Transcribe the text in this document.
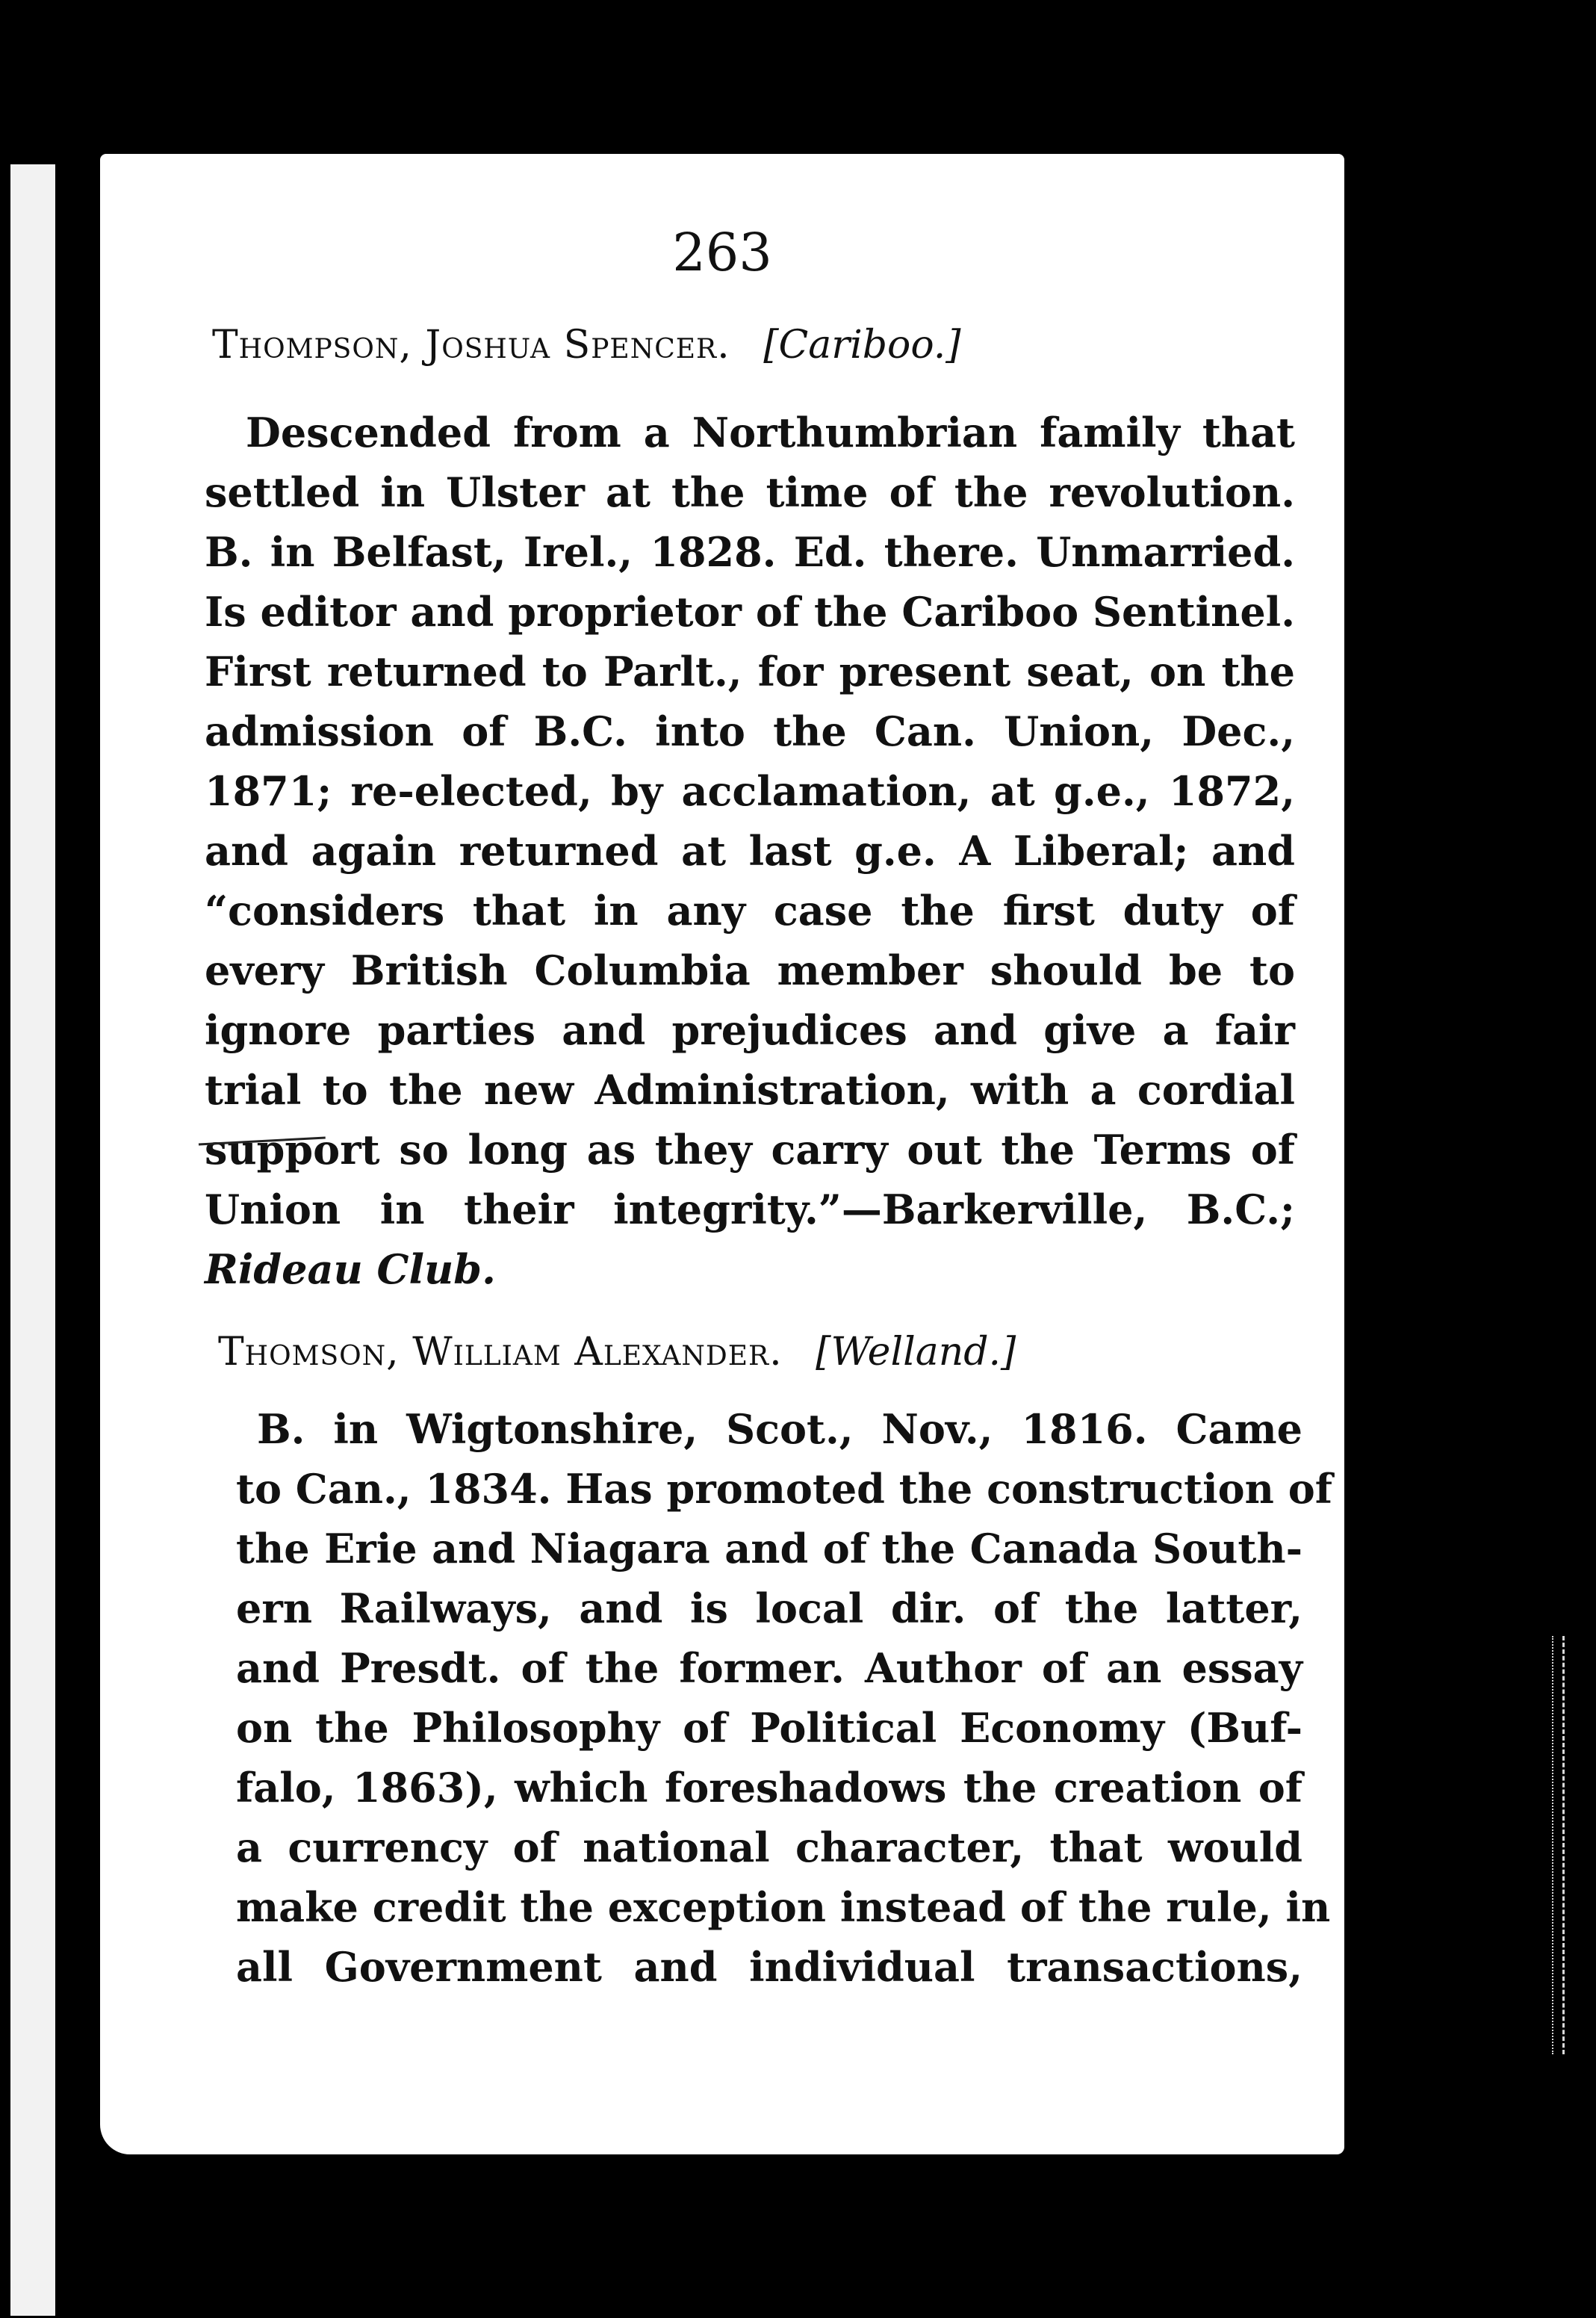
263
Thompson, Joshua Spencer. [Cariboo.]
Descended from a Northumbrian family that
settled in Ulster at the time of the revolution.
B. in Belfast, Irel., 1828. Ed. there. Unmarried.
Is editor and proprietor of the Cariboo Sentinel.
First returned to Parlt., for present seat, on the
admission of B.C. into the Can. Union, Dec.,
1871; re-elected, by acclamation, at g.e., 1872,
and again returned at last g.e. A Liberal; and
“considers that in any case the first duty of
every British Columbia member should be to
ignore parties and prejudices and give a fair
trial to the new Administration, with a cordial
support so long as they carry out the Terms of
Union in their integrity.”—Barkerville, B.C.;
Rideau Club.
Thomson, William Alexander. [Welland.]
B. in Wigtonshire, Scot., Nov., 1816. Came
to Can., 1834. Has promoted the construction of
the Erie and Niagara and of the Canada South-
ern Railways, and is local dir. of the latter,
and Presdt. of the former. Author of an essay
on the Philosophy of Political Economy (Buf-
falo, 1863), which foreshadows the creation of
a currency of national character, that would
make credit the exception instead of the rule, in
all Government and individual transactions,
